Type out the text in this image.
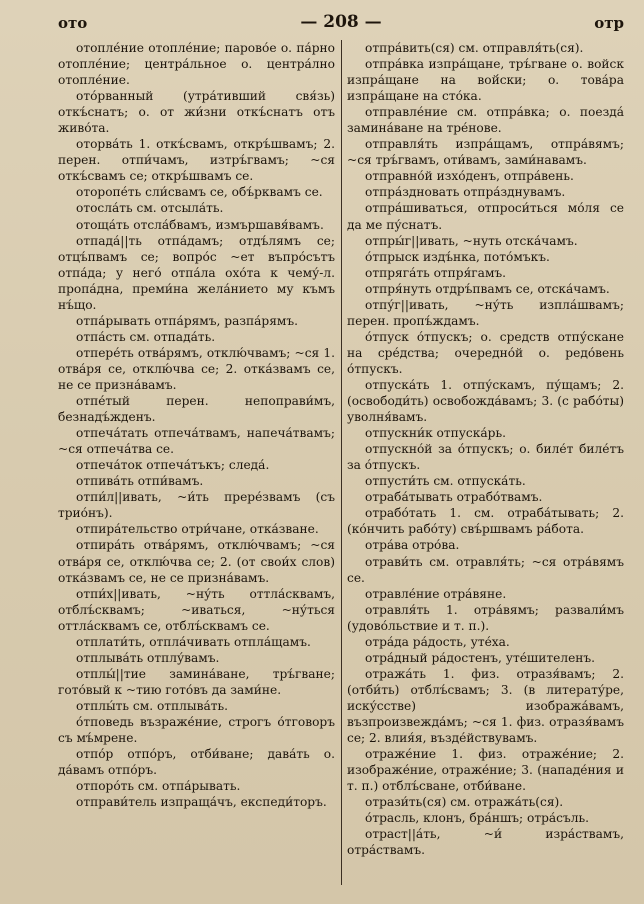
ото	— 208 —	отр

отопле́ние отопле́ние; парово́е о. па́рно отопле́ние; центра́льное о. центра́лно отопле́ние.

ото́рванный (утра́тивший свя́зь) откъ́снатъ; о. от жи́зни откъ́снатъ отъ живо́та.

оторва́ть 1. откъ́свамъ, откръ́швамъ; 2. перен. отпи́чамъ, изтръ́гвамъ; ~ся откъ́свамъ се; откръ́швамъ се.

оторопе́ть сли́свамъ се, объ́рквамъ се.

отосла́ть см. отсыла́ть.

отоща́ть отсла́бвамъ, измършавя́вамъ.

отпада́||ть отпа́дамъ; отдъ́лямъ се; отцъ́пвамъ се; вопро́с ~ет въпро́сътъ отпа́да; у него́ отпа́ла охо́та к чему́-л. пропа́дна, преми́на жела́нието му къмъ нъ́що.

отпа́рывать отпа́рямъ, разпа́рямъ.

отпа́сть см. отпада́ть.

отпере́ть отва́рямъ, отклю́чвамъ; ~ся 1. отва́ря се, отклю́чва се; 2. отка́звамъ се, не се призна́вамъ.

отпе́тый перен. непоправи́мъ, безнадъ́жденъ.

отпеча́тать отпеча́твамъ, напеча́твамъ; ~ся отпеча́тва се.

отпеча́ток отпеча́тъкъ; следа́.

отпива́ть отпи́вамъ.

отпи́л||ивать, ~и́ть прере́звамъ (съ трио́нъ).

отпира́тельство отри́чане, отка́зване.

отпира́ть отва́рямъ, отклю́чвамъ; ~ся отва́ря се, отклю́чва се; 2. (от свои́х слов) отка́звамъ се, не се призна́вамъ.

отпи́х||ивать, ~ну́ть оттла́сквамъ, отблъ́сквамъ; ~иваться, ~ну́ться оттла́сквамъ се, отблъ́сквамъ се.

отплати́ть, отпла́чивать отпла́щамъ.

отплыва́ть отплу́вамъ.

отплы́||тие замина́ване, тръ́гване; гото́вый к ~тию гото́въ да зами́не.

отплы́ть см. отплыва́ть.

о́тповедь възраже́ние, строгъ о́тговоръ съ мъ́мрене.

отпо́р отпо́ръ, отби́ване; дава́ть о. да́вамъ отпо́ръ.

отпоро́ть см. отпа́рывать.

отправи́тель изпраща́чъ, експеди́торъ.

отпра́вить(ся) см. отправля́ть(ся).

отпра́вка изпра́щане, тръ́гване о. войск изпра́щане на вой́ски; о. това́ра изпра́щане на сто́ка.

отправле́ние см. отпра́вка; о. поезда́ замина́ване на тре́нове.

отправля́ть изпра́щамъ, отпра́вямъ; ~ся тръ́гвамъ, оти́вамъ, зами́навамъ.

отправно́й изхо́денъ, отпра́вень.

отпра́здновать отпра́зднувамъ.

отпра́шиваться, отпроси́ться мо́ля се да ме пу́снатъ.

отпры́г||ивать, ~нуть отска́чамъ.

о́тпрыск издъ́нка, пото́мъкъ.

отпряга́ть отпря́гамъ.

отпря́нуть отдръ́пвамъ се, отска́чамъ.

отпу́г||ивать, ~ну́ть изпла́швамъ; перен. пропъ́ждамъ.

о́тпуск о́тпускъ; о. средств отпу́скане на сре́дства; очередно́й о. редо́вень о́тпускъ.

отпуска́ть 1. отпу́скамъ, пу́щамъ; 2. (освободи́ть) освобожда́вамъ; 3. (с рабо́ты) уволня́вамъ.

отпускни́к отпуска́рь.

отпускно́й за о́тпускъ; о. биле́т биле́тъ за о́тпускъ.

отпусти́ть см. отпуска́ть.

отраба́тывать отрабо́твамъ.

отрабо́тать 1. см. отраба́тывать; 2. (ко́нчить рабо́ту) свъ́ршвамъ ра́бота.

отра́ва отро́ва.

отрави́ть см. отравля́ть; ~ся отра́вямъ се.

отравле́ние отра́вяне.

отравля́ть 1. отра́вямъ; развали́мъ (удово́льствие и т. п.).

отра́да ра́дость, уте́ха.

отра́дный ра́достенъ, уте́шителенъ.

отража́ть 1. физ. отразя́вамъ; 2. (отби́ть) отблъ́свамъ; 3. (в литерату́ре, иску́сстве) изобража́вамъ, възпроизвежда́мъ; ~ся 1. физ. отразя́вамъ се; 2. влия́я, възде́йствувамъ.

отраже́ние 1. физ. отраже́ние; 2. изображе́ние, отраже́ние; 3. (нападе́ния и т. п.) отблъ́сване, отби́ване.

отрази́ть(ся) см. отража́ть(ся).

о́трасль, клонъ, бра́ншъ; отра́съль.

отраст||а́ть, ~и́ изра́ствамъ, отра́ствамъ.
